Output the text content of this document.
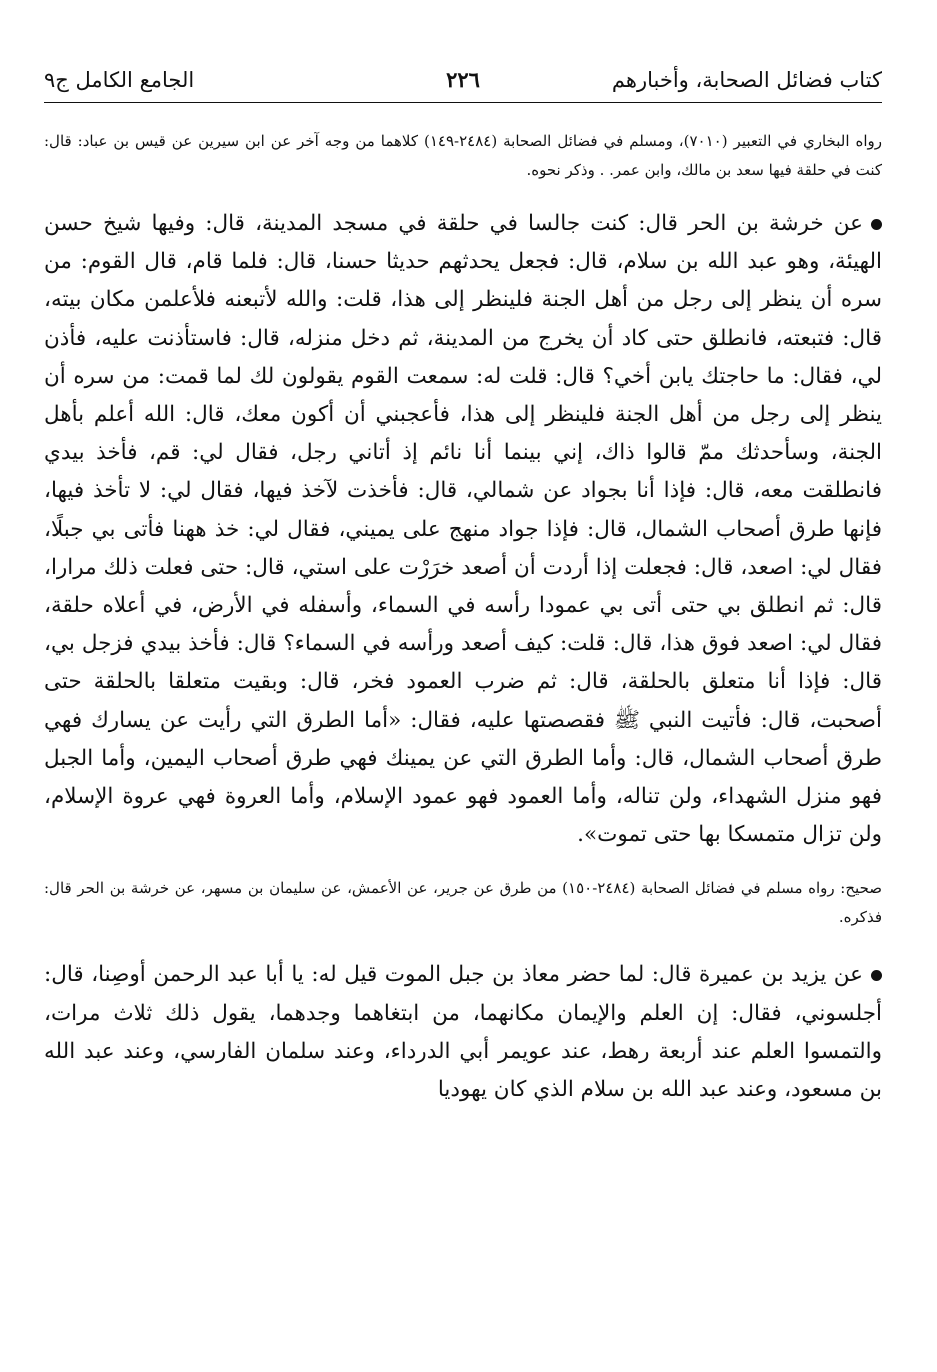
كتاب فضائل الصحابة، وأخبارهم
٢٢٦
الجامع الكامل ج٩

رواه البخاري في التعبير (٧٠١٠)، ومسلم في فضائل الصحابة (٢٤٨٤-١٤٩) كلاهما من وجه آخر عن ابن سيرين عن قيس بن عباد: قال: كنت في حلقة فيها سعد بن مالك، وابن عمر. . وذكر نحوه.

عن خرشة بن الحر قال: كنت جالسا في حلقة في مسجد المدينة، قال: وفيها شيخ حسن الهيئة، وهو عبد الله بن سلام، قال: فجعل يحدثهم حديثا حسنا، قال: فلما قام، قال القوم: من سره أن ينظر إلى رجل من أهل الجنة فلينظر إلى هذا، قلت: والله لأتبعنه فلأعلمن مكان بيته، قال: فتبعته، فانطلق حتى كاد أن يخرج من المدينة، ثم دخل منزله، قال: فاستأذنت عليه، فأذن لي، فقال: ما حاجتك يابن أخي؟ قال: قلت له: سمعت القوم يقولون لك لما قمت: من سره أن ينظر إلى رجل من أهل الجنة فلينظر إلى هذا، فأعجبني أن أكون معك، قال: الله أعلم بأهل الجنة، وسأحدثك ممّ قالوا ذاك، إني بينما أنا نائم إذ أتاني رجل، فقال لي: قم، فأخذ بيدي فانطلقت معه، قال: فإذا أنا بجواد عن شمالي، قال: فأخذت لآخذ فيها، فقال لي: لا تأخذ فيها، فإنها طرق أصحاب الشمال، قال: فإذا جواد منهج على يميني، فقال لي: خذ ههنا فأتى بي جبلًا، فقال لي: اصعد، قال: فجعلت إذا أردت أن أصعد خرَرْت على استي، قال: حتى فعلت ذلك مرارا، قال: ثم انطلق بي حتى أتى بي عمودا رأسه في السماء، وأسفله في الأرض، في أعلاه حلقة، فقال لي: اصعد فوق هذا، قال: قلت: كيف أصعد ورأسه في السماء؟ قال: فأخذ بيدي فزجل بي، قال: فإذا أنا متعلق بالحلقة، قال: ثم ضرب العمود فخر، قال: وبقيت متعلقا بالحلقة حتى أصحبت، قال: فأتيت النبي ﷺ فقصصتها عليه، فقال: «أما الطرق التي رأيت عن يسارك فهي طرق أصحاب الشمال، قال: وأما الطرق التي عن يمينك فهي طرق أصحاب اليمين، وأما الجبل فهو منزل الشهداء، ولن تناله، وأما العمود فهو عمود الإسلام، وأما العروة فهي عروة الإسلام، ولن تزال متمسكا بها حتى تموت».

صحيح: رواه مسلم في فضائل الصحابة (٢٤٨٤-١٥٠) من طرق عن جرير، عن الأعمش، عن سليمان بن مسهر، عن خرشة بن الحر قال: فذكره.

عن يزيد بن عميرة قال: لما حضر معاذ بن جبل الموت قيل له: يا أبا عبد الرحمن أوصِنا، قال: أجلسوني، فقال: إن العلم والإيمان مكانهما، من ابتغاهما وجدهما، يقول ذلك ثلاث مرات، والتمسوا العلم عند أربعة رهط، عند عويمر أبي الدرداء، وعند سلمان الفارسي، وعند عبد الله بن مسعود، وعند عبد الله بن سلام الذي كان يهوديا
